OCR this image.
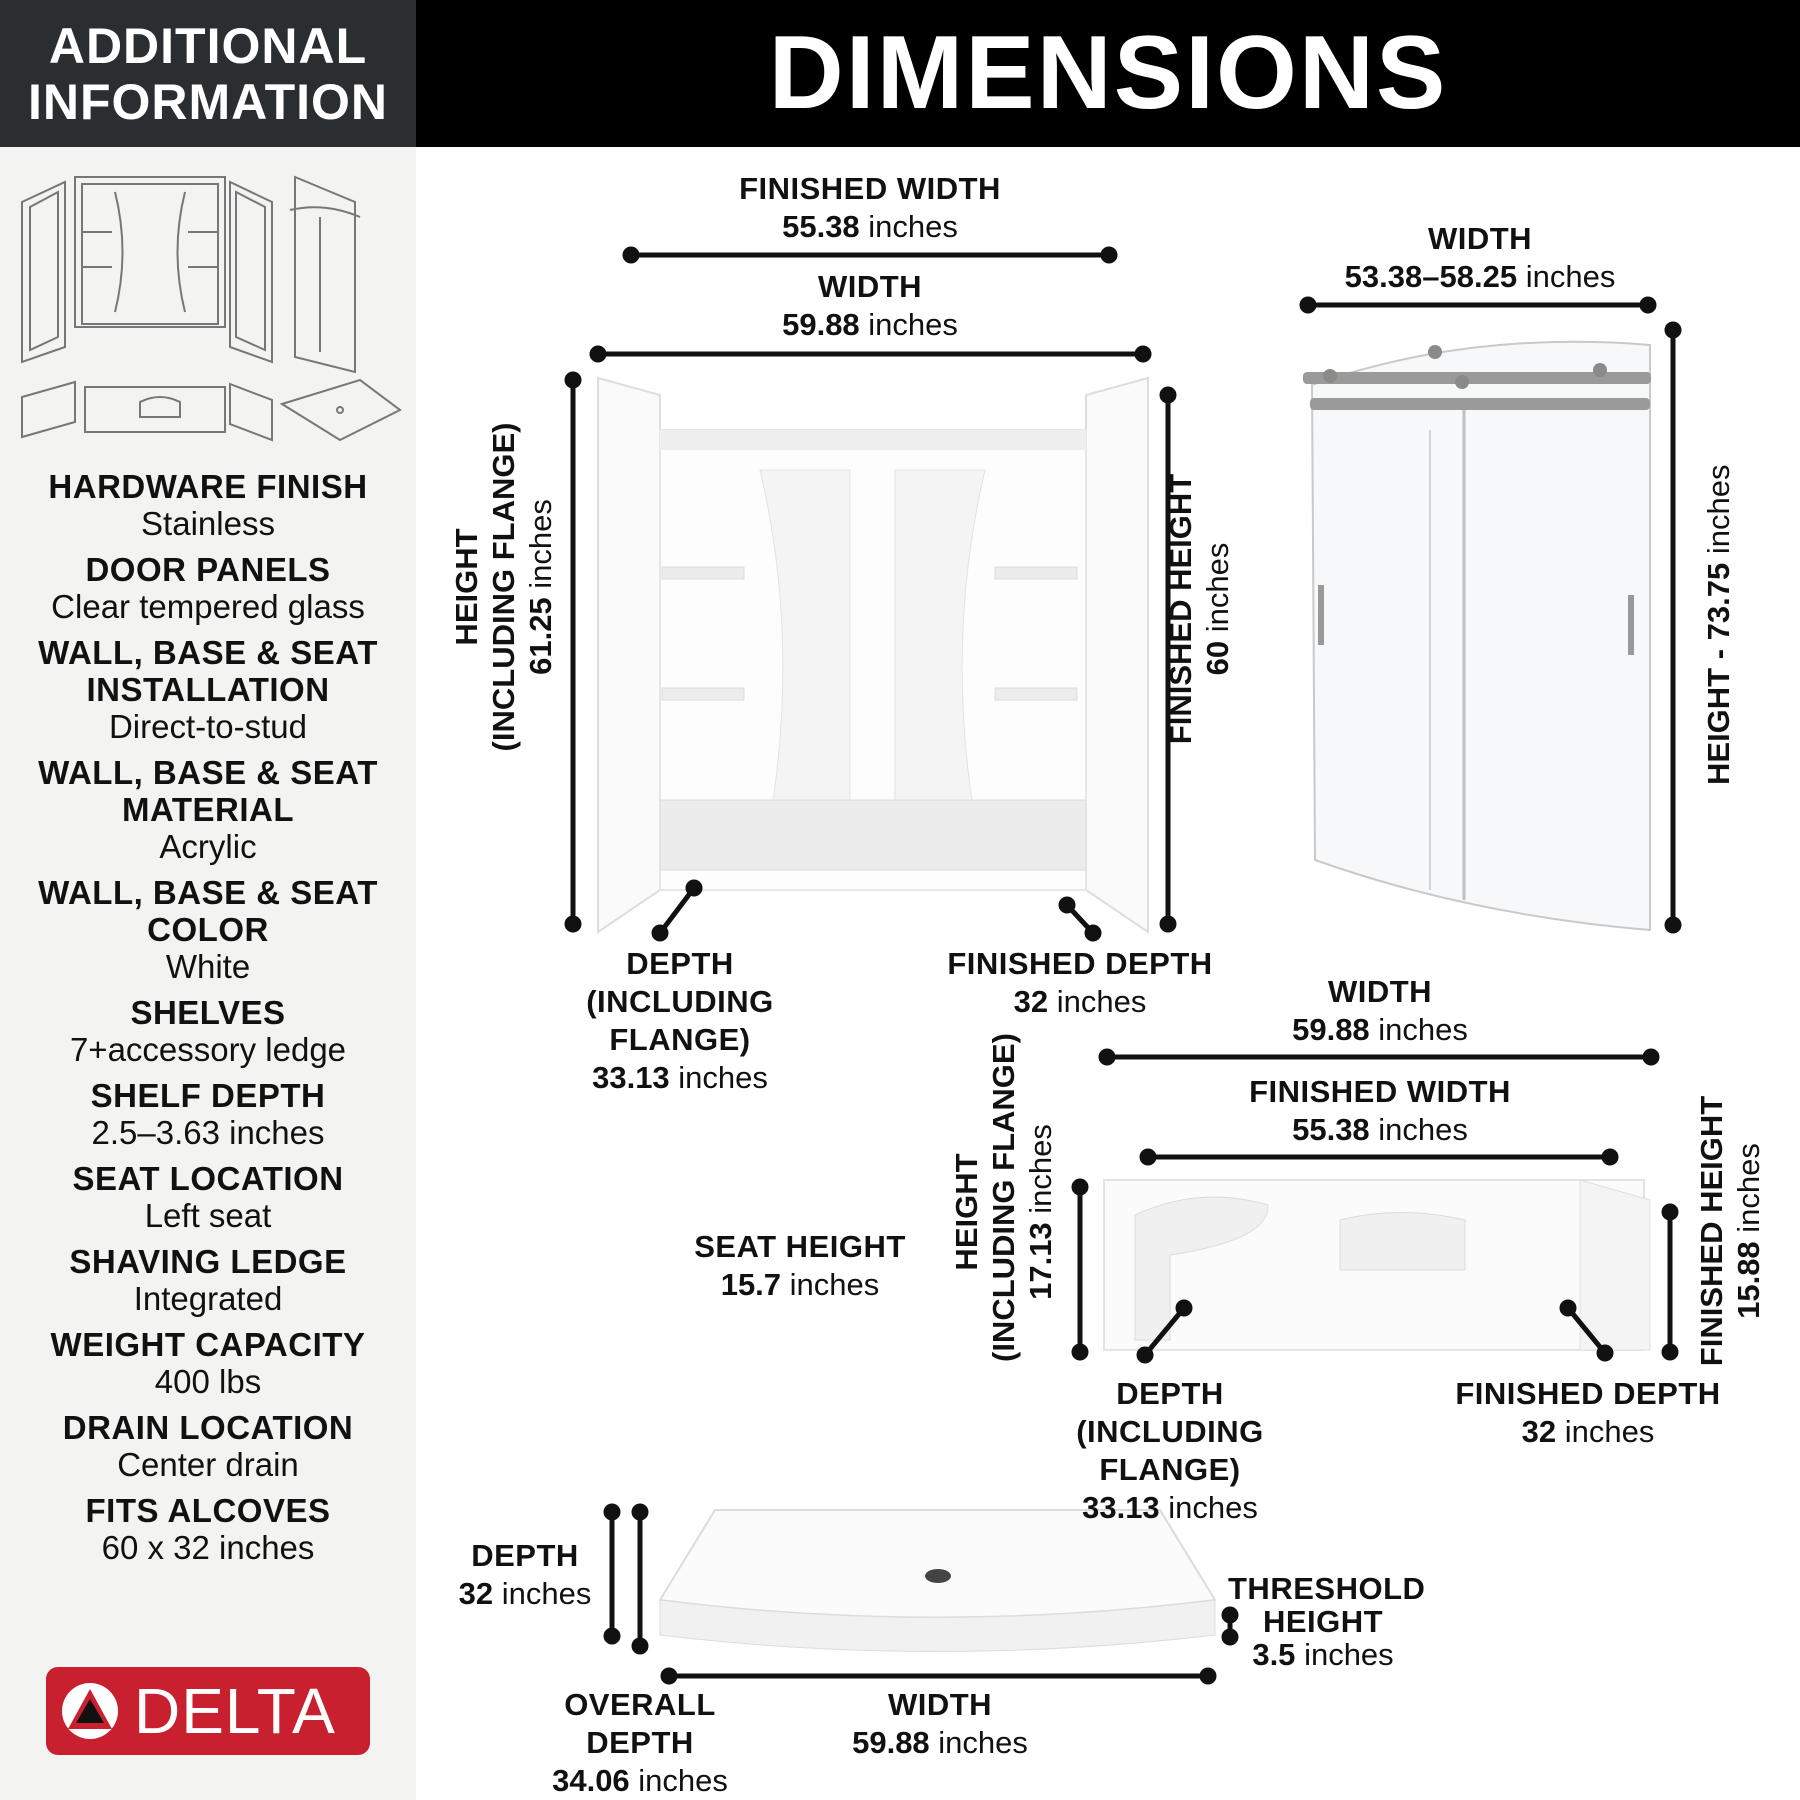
ADDITIONAL
INFORMATION
HARDWARE FINISH
Stainless
DOOR PANELS
Clear tempered glass
WALL, BASE & SEAT
INSTALLATION
Direct-to-stud
WALL, BASE & SEAT
MATERIAL
Acrylic
WALL, BASE & SEAT
COLOR
White
SHELVES
7+accessory ledge
SHELF DEPTH
2.5–3.63 inches
SEAT LOCATION
Left seat
SHAVING LEDGE
Integrated
WEIGHT CAPACITY
400 lbs
DRAIN LOCATION
Center drain
FITS ALCOVES
60 x 32 inches
DELTA
DIMENSIONS
FINISHED WIDTH
55.38 inches
WIDTH
59.88 inches
HEIGHT (INCLUDING FLANGE) 61.25 inches	FINISHED HEIGHT 60 inches
DEPTH
(INCLUDING FLANGE)
33.13 inches
FINISHED DEPTH
32 inches
WIDTH
53.38–58.25 inches
HEIGHT - 73.75 inches
WIDTH
59.88 inches
FINISHED WIDTH
55.38 inches
SEAT HEIGHT
15.7 inches
HEIGHT (INCLUDING FLANGE) 17.13 inches	FINISHED HEIGHT 15.88 inches
DEPTH
(INCLUDING FLANGE)
33.13 inches
FINISHED DEPTH
32 inches
DEPTH
32 inches	THRESHOLD
HEIGHT
3.5 inches
OVERALL DEPTH
34.06 inches
WIDTH
59.88 inches
